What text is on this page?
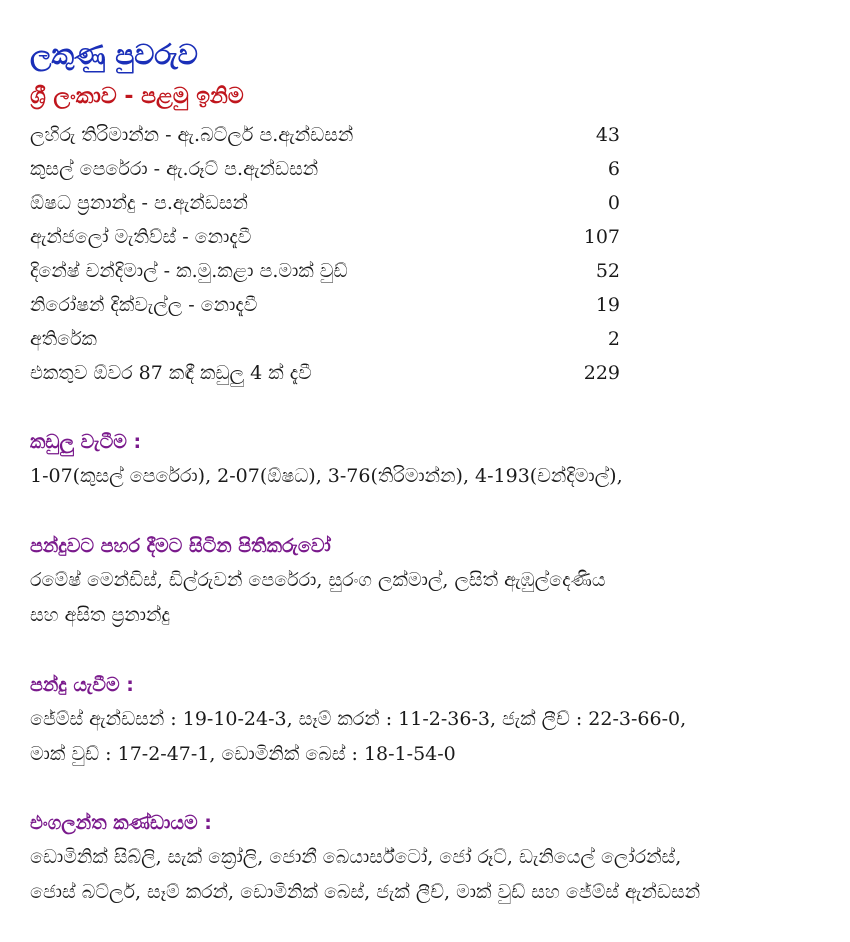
ලකුණු පුවරුව
ශ්‍රී ලංකාව - පළමු ඉනිම
ලහිරු තිරිමාන්න - ඇ.බට්ලර් ප.ඇන්ඩසන්	43
කුසල් පෙරේරා - ඇ.රූට් ප.ඇන්ඩසන්	6
ඕෂධ ප්‍රනාන්දු - ප.ඇන්ඩසන්	0
ඇන්ජලෝ මැතිව්ස් - නොදැවී	107
දිනේෂ් චන්දිමාල් - ක.මු.කළා ප.මාක් වුඩ්	52
නිරෝෂන් දික්වැල්ල - නොදැවී	19
අතිරේක	2
එකතුව ඕවර 87 කඳී කඩුලු 4 ක් දැවී	229
කඩුලු වැටීම :
1-07(කුසල් පෙරේරා), 2-07(ඕෂධ), 3-76(තිරිමාන්න), 4-193(චන්දිමාල්),
පන්දුවට පහර දීමට සිටින පිතිකරුවෝ
රමේෂ් මෙන්ඩිස්, ඩිල්රුවන් පෙරේරා, සුරංග ලක්මාල්, ලසිත් ඇඹුල්දෙණිය
සහ අසිත ප්‍රනාන්දු
පන්දු යැවීම :
ජේම්ස් ඇන්ඩසන් : 19-10-24-3, සෑම් කරන් : 11-2-36-3, ජැක් ලීච් : 22-3-66-0,
මාක් වුඩ් : 17-2-47-1, ඩොමිනික් බෙස් : 18-1-54-0
එංගලන්ත කණ්ඩායම :
ඩොමිනික් සිබ්ලි, සැක් ක්‍රෝලි, ජොනී බෙයාර්ස්ටෝ, ජෝ රූට්, ඩැනියෙල් ලෝරන්ස්,
ජොස් බට්ලර්, සෑම් කරන්, ඩොමිනික් බෙස්, ජැක් ලීච්, මාක් වුඩ් සහ ජේම්ස් ඇන්ඩසන්
